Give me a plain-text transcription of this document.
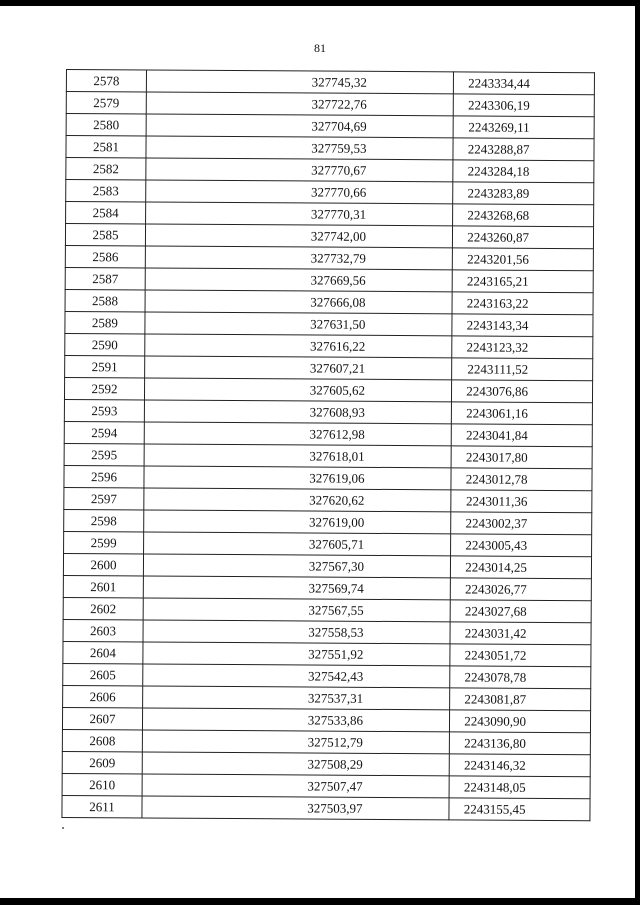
81
2578	327745,32	2243334,44
2579	327722,76	2243306,19
2580	327704,69	2243269,11
2581	327759,53	2243288,87
2582	327770,67	2243284,18
2583	327770,66	2243283,89
2584	327770,31	2243268,68
2585	327742,00	2243260,87
2586	327732,79	2243201,56
2587	327669,56	2243165,21
2588	327666,08	2243163,22
2589	327631,50	2243143,34
2590	327616,22	2243123,32
2591	327607,21	2243111,52
2592	327605,62	2243076,86
2593	327608,93	2243061,16
2594	327612,98	2243041,84
2595	327618,01	2243017,80
2596	327619,06	2243012,78
2597	327620,62	2243011,36
2598	327619,00	2243002,37
2599	327605,71	2243005,43
2600	327567,30	2243014,25
2601	327569,74	2243026,77
2602	327567,55	2243027,68
2603	327558,53	2243031,42
2604	327551,92	2243051,72
2605	327542,43	2243078,78
2606	327537,31	2243081,87
2607	327533,86	2243090,90
2608	327512,79	2243136,80
2609	327508,29	2243146,32
2610	327507,47	2243148,05
2611	327503,97	2243155,45
